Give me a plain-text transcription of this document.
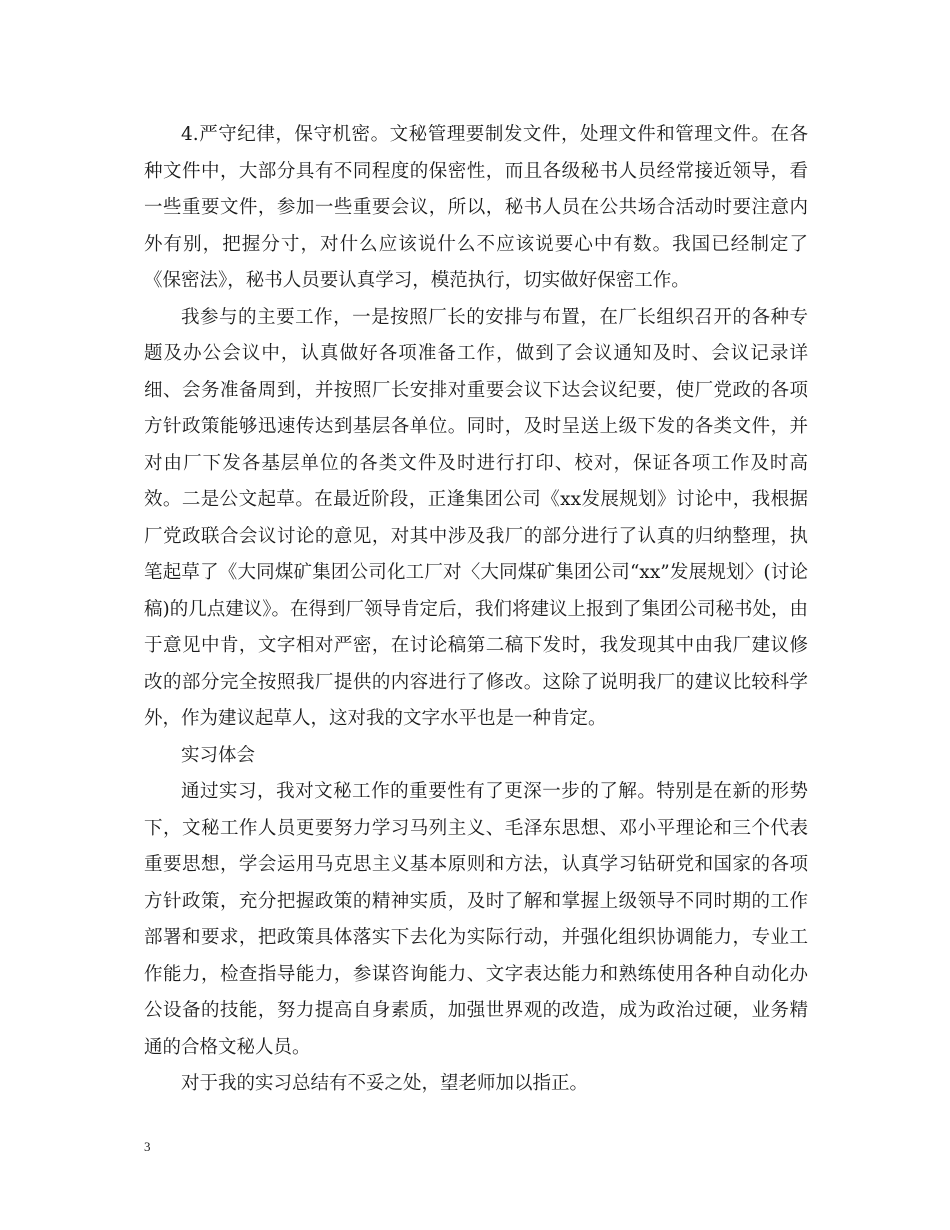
4.严守纪律，保守机密。文秘管理要制发文件，处理文件和管理文件。在各种文件中，大部分具有不同程度的保密性，而且各级秘书人员经常接近领导，看一些重要文件，参加一些重要会议，所以，秘书人员在公共场合活动时要注意内外有别，把握分寸，对什么应该说什么不应该说要心中有数。我国已经制定了《保密法》，秘书人员要认真学习，模范执行，切实做好保密工作。

我参与的主要工作，一是按照厂长的安排与布置，在厂长组织召开的各种专题及办公会议中，认真做好各项准备工作，做到了会议通知及时、会议记录详细、会务准备周到，并按照厂长安排对重要会议下达会议纪要，使厂党政的各项方针政策能够迅速传达到基层各单位。同时，及时呈送上级下发的各类文件，并对由厂下发各基层单位的各类文件及时进行打印、校对，保证各项工作及时高效。二是公文起草。在最近阶段，正逢集团公司《xx发展规划》讨论中，我根据厂党政联合会议讨论的意见，对其中涉及我厂的部分进行了认真的归纳整理，执笔起草了《大同煤矿集团公司化工厂对〈大同煤矿集团公司“xx”发展规划〉(讨论稿)的几点建议》。在得到厂领导肯定后，我们将建议上报到了集团公司秘书处，由于意见中肯，文字相对严密，在讨论稿第二稿下发时，我发现其中由我厂建议修改的部分完全按照我厂提供的内容进行了修改。这除了说明我厂的建议比较科学外，作为建议起草人，这对我的文字水平也是一种肯定。

实习体会

通过实习，我对文秘工作的重要性有了更深一步的了解。特别是在新的形势下，文秘工作人员更要努力学习马列主义、毛泽东思想、邓小平理论和三个代表重要思想，学会运用马克思主义基本原则和方法，认真学习钻研党和国家的各项方针政策，充分把握政策的精神实质，及时了解和掌握上级领导不同时期的工作部署和要求，把政策具体落实下去化为实际行动，并强化组织协调能力，专业工作能力，检查指导能力，参谋咨询能力、文字表达能力和熟练使用各种自动化办公设备的技能，努力提高自身素质，加强世界观的改造，成为政治过硬，业务精通的合格文秘人员。

对于我的实习总结有不妥之处，望老师加以指正。

3
